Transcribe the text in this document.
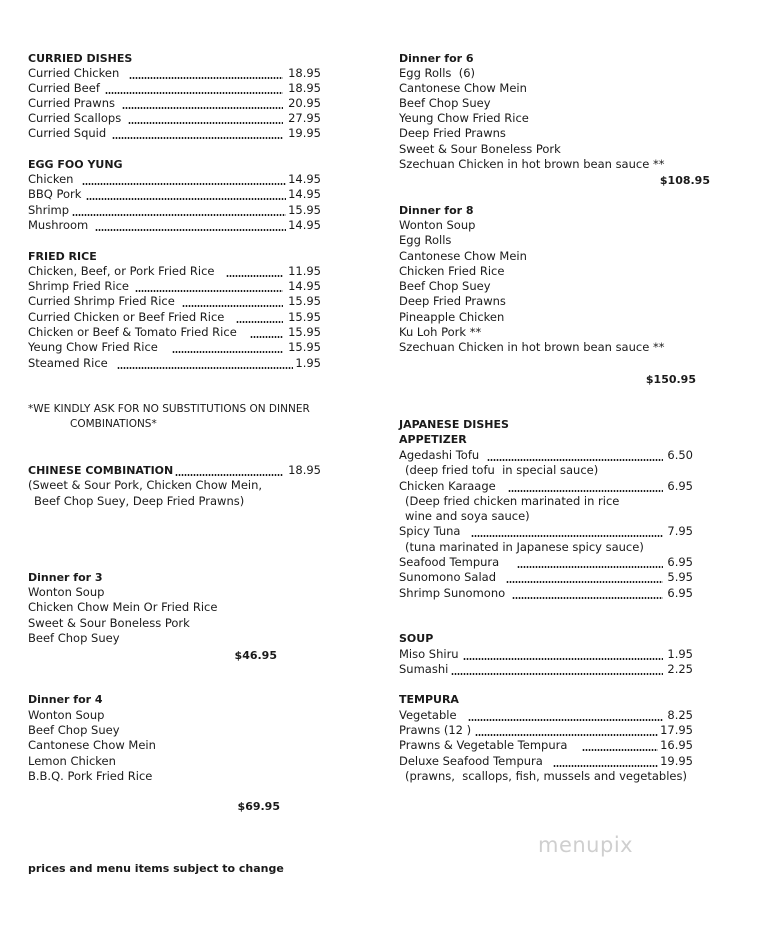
CURRIED DISHES
Curried Chicken	18.95
Curried Beef	18.95
Curried Prawns	20.95
Curried Scallops	27.95
Curried Squid	19.95
EGG FOO YUNG
Chicken	14.95
BBQ Pork	14.95
Shrimp	15.95
Mushroom	14.95
FRIED RICE
Chicken, Beef, or Pork Fried Rice	11.95
Shrimp Fried Rice	14.95
Curried Shrimp Fried Rice	15.95
Curried Chicken or Beef Fried Rice	15.95
Chicken or Beef & Tomato Fried Rice	15.95
Yeung Chow Fried Rice	15.95
Steamed Rice	1.95
*WE KINDLY ASK FOR NO SUBSTITUTIONS ON DINNER
COMBINATIONS*
CHINESE COMBINATION	18.95
(Sweet & Sour Pork, Chicken Chow Mein,
Beef Chop Suey, Deep Fried Prawns)
Dinner for 3
Wonton Soup
Chicken Chow Mein Or Fried Rice
Sweet & Sour Boneless Pork
Beef Chop Suey
$46.95
Dinner for 4
Wonton Soup
Beef Chop Suey
Cantonese Chow Mein
Lemon Chicken
B.B.Q. Pork Fried Rice
$69.95
prices and menu items subject to change
Dinner for 6
Egg Rolls  (6)
Cantonese Chow Mein
Beef Chop Suey
Yeung Chow Fried Rice
Deep Fried Prawns
Sweet & Sour Boneless Pork
Szechuan Chicken in hot brown bean sauce **
$108.95
Dinner for 8
Wonton Soup
Egg Rolls
Cantonese Chow Mein
Chicken Fried Rice
Beef Chop Suey
Deep Fried Prawns
Pineapple Chicken
Ku Loh Pork **
Szechuan Chicken in hot brown bean sauce **
$150.95
JAPANESE DISHES
APPETIZER
Agedashi Tofu	6.50
(deep fried tofu  in special sauce)
Chicken Karaage	6.95
(Deep fried chicken marinated in rice
wine and soya sauce)
Spicy Tuna	7.95
(tuna marinated in Japanese spicy sauce)
Seafood Tempura	6.95
Sunomono Salad	5.95
Shrimp Sunomono	6.95
SOUP
Miso Shiru	1.95
Sumashi	2.25
TEMPURA
Vegetable	8.25
Prawns (12 )	17.95
Prawns & Vegetable Tempura	16.95
Deluxe Seafood Tempura	19.95
(prawns,  scallops, fish, mussels and vegetables)
menupix
